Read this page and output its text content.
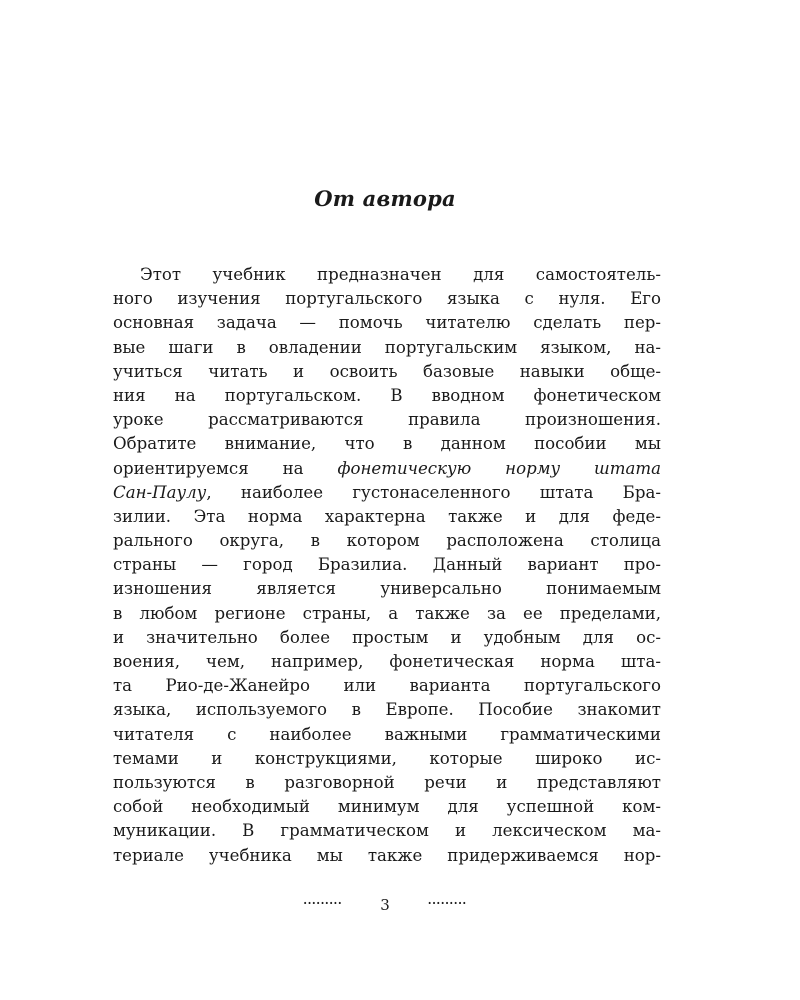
От автора
Этот учебник предназначен для самостоятель-
ного изучения португальского языка с нуля. Его
основная задача — помочь читателю сделать пер-
вые шаги в овладении португальским языком, на-
учиться читать и освоить базовые навыки обще-
ния на португальском. В вводном фонетическом
уроке рассматриваются правила произношения.
Обратите внимание, что в данном пособии мы
ориентируемся на фонетическую норму штата
Сан-Паулу, наиболее густонаселенного штата Бра-
зилии. Эта норма характерна также и для феде-
рального округа, в котором расположена столица
страны — город Бразилиа. Данный вариант про-
изношения является универсально понимаемым
в любом регионе страны, а также за ее пределами,
и значительно более простым и удобным для ос-
воения, чем, например, фонетическая норма шта-
та Рио-де-Жанейро или варианта португальского
языка, используемого в Европе. Пособие знакомит
читателя с наиболее важными грамматическими
темами и конструкциями, которые широко ис-
пользуются в разговорной речи и представляют
собой необходимый минимум для успешной ком-
муникации. В грамматическом и лексическом ма-
териале учебника мы также придерживаемся нор-
·········	3	·········
